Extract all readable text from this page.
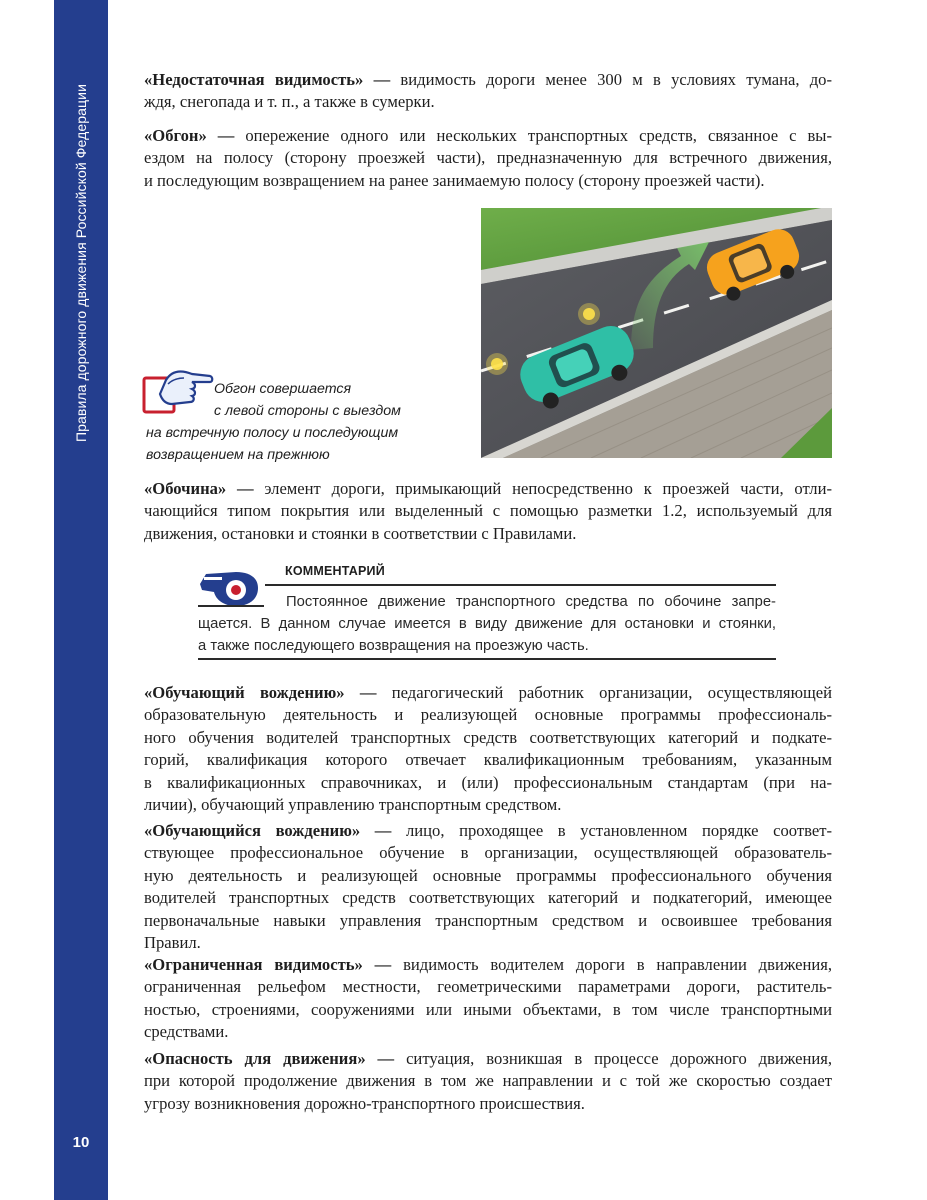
Правила дорожного движения Российской Федерации
10
«Недостаточная видимость» — видимость дороги менее 300 м в условиях тумана, до-
ждя, снегопада и т. п., а также в сумерки.
«Обгон» — опережение одного или нескольких транспортных средств, связанное с вы-
ездом на полосу (сторону проезжей части), предназначенную для встречного движения,
и последующим возвращением на ранее занимаемую полосу (сторону проезжей части).
Обгон совершается
с левой стороны с выездом
на встречную полосу и последующим возвращением на прежнюю
«Обочина» — элемент дороги, примыкающий непосредственно к проезжей части, отли-
чающийся типом покрытия или выделенный с помощью разметки 1.2, используемый для
движения, остановки и стоянки в соответствии с Правилами.
КОММЕНТАРИЙ
Постоянное движение транспортного средства по обочине запре-
щается. В данном случае имеется в виду движение для остановки и стоянки,
а также последующего возвращения на проезжую часть.
«Обучающий вождению» — педагогический работник организации, осуществляющей
образовательную деятельность и реализующей основные программы профессиональ-
ного обучения водителей транспортных средств соответствующих категорий и подкате-
горий, квалификация которого отвечает квалификационным требованиям, указанным
в квалификационных справочниках, и (или) профессиональным стандартам (при на-
личии), обучающий управлению транспортным средством.
«Обучающийся вождению» — лицо, проходящее в установленном порядке соответ-
ствующее профессиональное обучение в организации, осуществляющей образователь-
ную деятельность и реализующей основные программы профессионального обучения
водителей транспортных средств соответствующих категорий и подкатегорий, имеющее
первоначальные навыки управления транспортным средством и освоившее требования
Правил.
«Ограниченная видимость» — видимость водителем дороги в направлении движения,
ограниченная рельефом местности, геометрическими параметрами дороги, раститель-
ностью, строениями, сооружениями или иными объектами, в том числе транспортными
средствами.
«Опасность для движения» — ситуация, возникшая в процессе дорожного движения,
при которой продолжение движения в том же направлении и с той же скоростью создает
угрозу возникновения дорожно-транспортного происшествия.
